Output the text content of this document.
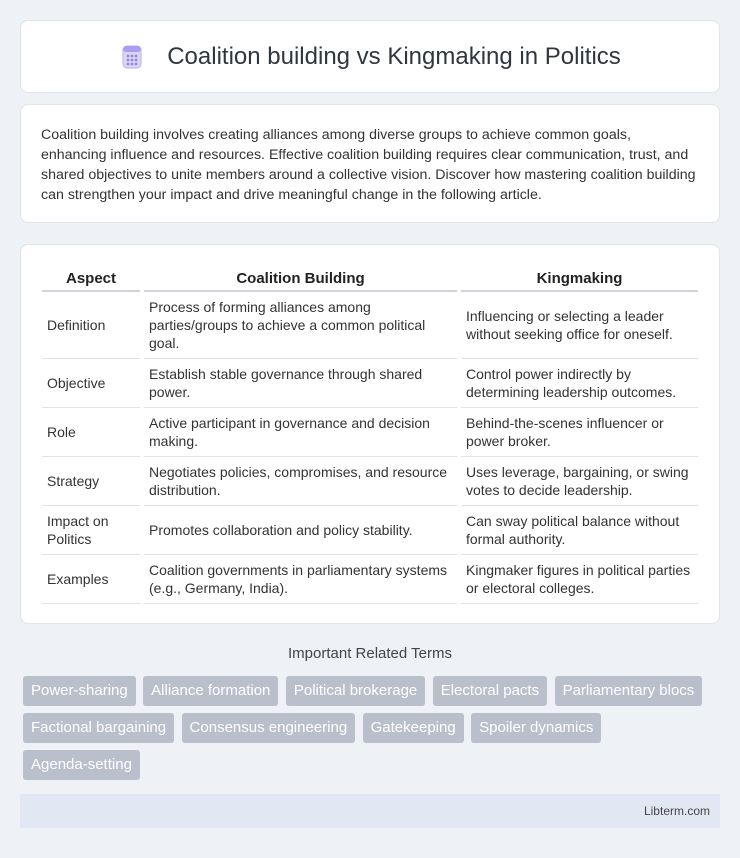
Coalition building vs Kingmaking in Politics

Coalition building involves creating alliances among diverse groups to achieve common goals, enhancing influence and resources. Effective coalition building requires clear communication, trust, and shared objectives to unite members around a collective vision. Discover how mastering coalition building can strengthen your impact and drive meaningful change in the following article.

Aspect	Coalition Building	Kingmaking
Definition	Process of forming alliances among parties/groups to achieve a common political goal.	Influencing or selecting a leader without seeking office for oneself.
Objective	Establish stable governance through shared power.	Control power indirectly by determining leadership outcomes.
Role	Active participant in governance and decision making.	Behind-the-scenes influencer or power broker.
Strategy	Negotiates policies, compromises, and resource distribution.	Uses leverage, bargaining, or swing votes to decide leadership.
Impact on Politics	Promotes collaboration and policy stability.	Can sway political balance without formal authority.
Examples	Coalition governments in parliamentary systems (e.g., Germany, India).	Kingmaker figures in political parties or electoral colleges.
Important Related Terms
Power-sharing Alliance formation Political brokerage Electoral pacts Parliamentary blocs Factional bargaining Consensus engineering Gatekeeping Spoiler dynamics Agenda-setting
Libterm.com
